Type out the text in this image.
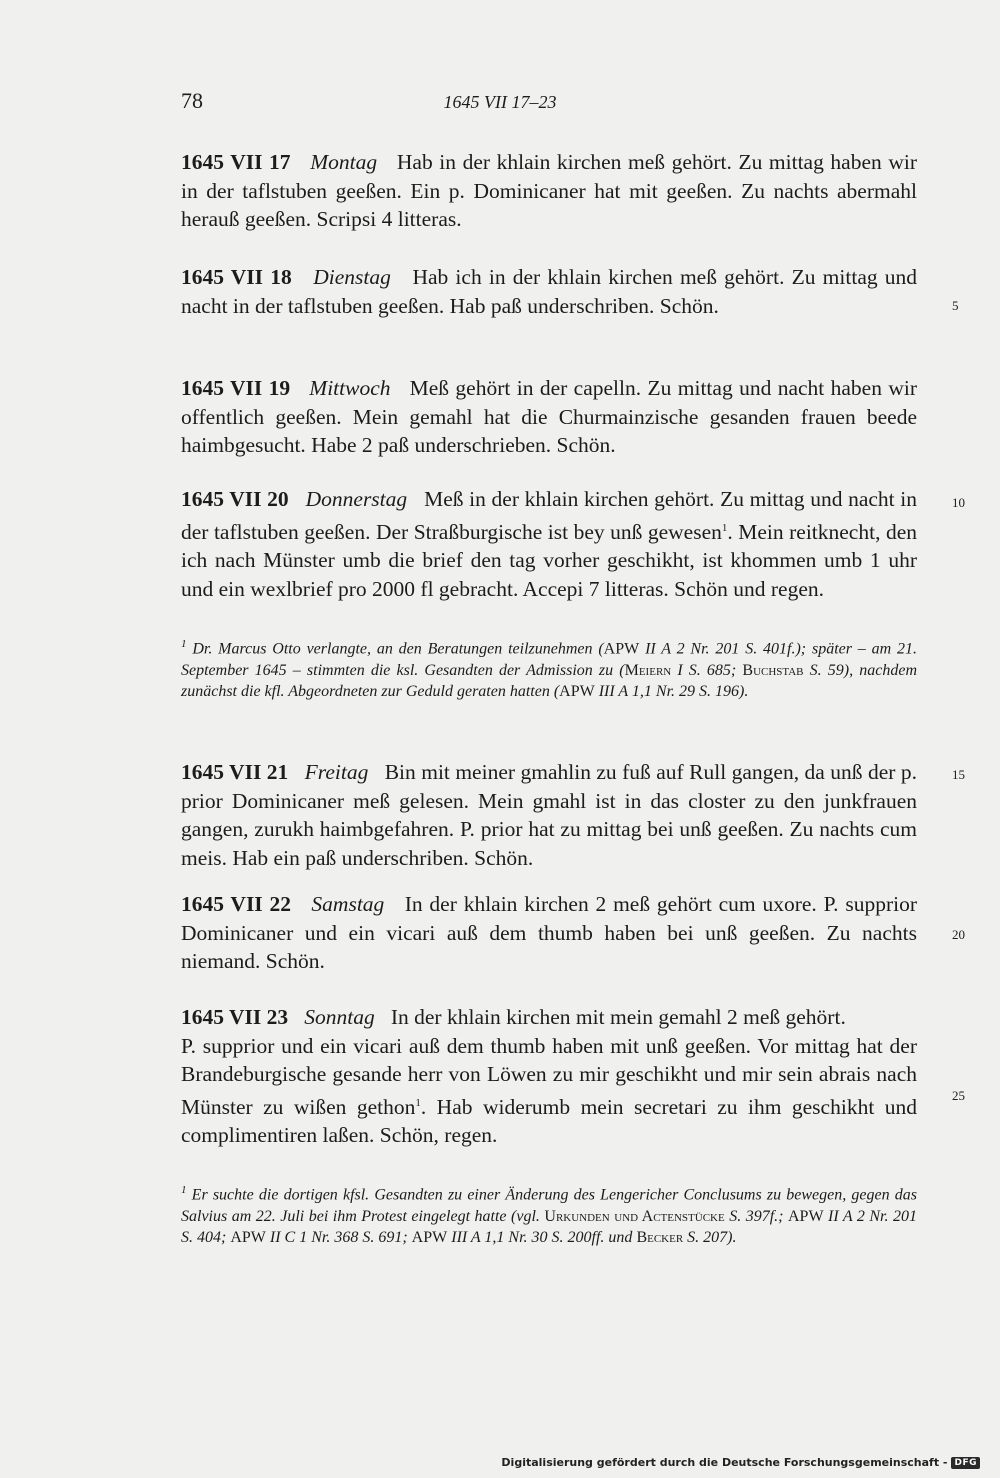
78	1645 VII 17–23
1645 VII 17 Montag Hab in der khlain kirchen meß gehört. Zu mittag haben wir in der taflstuben geeßen. Ein p. Dominicaner hat mit geeßen. Zu nachts abermahl herauß geeßen. Scripsi 4 litteras.
1645 VII 18 Dienstag Hab ich in der khlain kirchen meß gehört. Zu mittag und nacht in der taflstuben geeßen. Hab paß underschriben. Schön.
1645 VII 19 Mittwoch Meß gehört in der capelln. Zu mittag und nacht haben wir offentlich geeßen. Mein gemahl hat die Churmainzische gesanden frauen beede haimbgesucht. Habe 2 paß underschrieben. Schön.
1645 VII 20 Donnerstag Meß in der khlain kirchen gehört. Zu mittag und nacht in der taflstuben geeßen. Der Straßburgische ist bey unß gewesen$^1$. Mein reitknecht, den ich nach Münster umb die brief den tag vorher geschikht, ist khommen umb 1 uhr und ein wexlbrief pro 2000 fl gebracht. Accepi 7 litteras. Schön und regen.
$^1$ Dr. Marcus Otto verlangte, an den Beratungen teilzunehmen (APW II A 2 Nr. 201 S. 401f.); später – am 21. September 1645 – stimmten die ksl. Gesandten der Admission zu (Meiern I S. 685; Buchstab S. 59), nachdem zunächst die kfl. Abgeordneten zur Geduld geraten hatten (APW III A 1,1 Nr. 29 S. 196).
1645 VII 21 Freitag Bin mit meiner gmahlin zu fuß auf Rull gangen, da unß der p. prior Dominicaner meß gelesen. Mein gmahl ist in das closter zu den junkfrauen gangen, zurukh haimbgefahren. P. prior hat zu mittag bei unß geeßen. Zu nachts cum meis. Hab ein paß underschriben. Schön.
1645 VII 22 Samstag In der khlain kirchen 2 meß gehört cum uxore. P. supprior Dominicaner und ein vicari auß dem thumb haben bei unß geeßen. Zu nachts niemand. Schön.
1645 VII 23 Sonntag In der khlain kirchen mit mein gemahl 2 meß gehört.
P. supprior und ein vicari auß dem thumb haben mit unß geeßen. Vor mittag hat der Brandeburgische gesande herr von Löwen zu mir geschikht und mir sein abrais nach Münster zu wißen gethon$^1$. Hab widerumb mein secretari zu ihm geschikht und complimentiren laßen. Schön, regen.
$^1$ Er suchte die dortigen kfsl. Gesandten zu einer Änderung des Lengericher Conclusums zu bewegen, gegen das Salvius am 22. Juli bei ihm Protest eingelegt hatte (vgl. Urkunden und Actenstücke S. 397f.; APW II A 2 Nr. 201 S. 404; APW II C 1 Nr. 368 S. 691; APW III A 1,1 Nr. 30 S. 200ff. und Becker S. 207).
5
10
15
20
25
Digitalisierung gefördert durch die Deutsche Forschungsgemeinschaft - DFG
